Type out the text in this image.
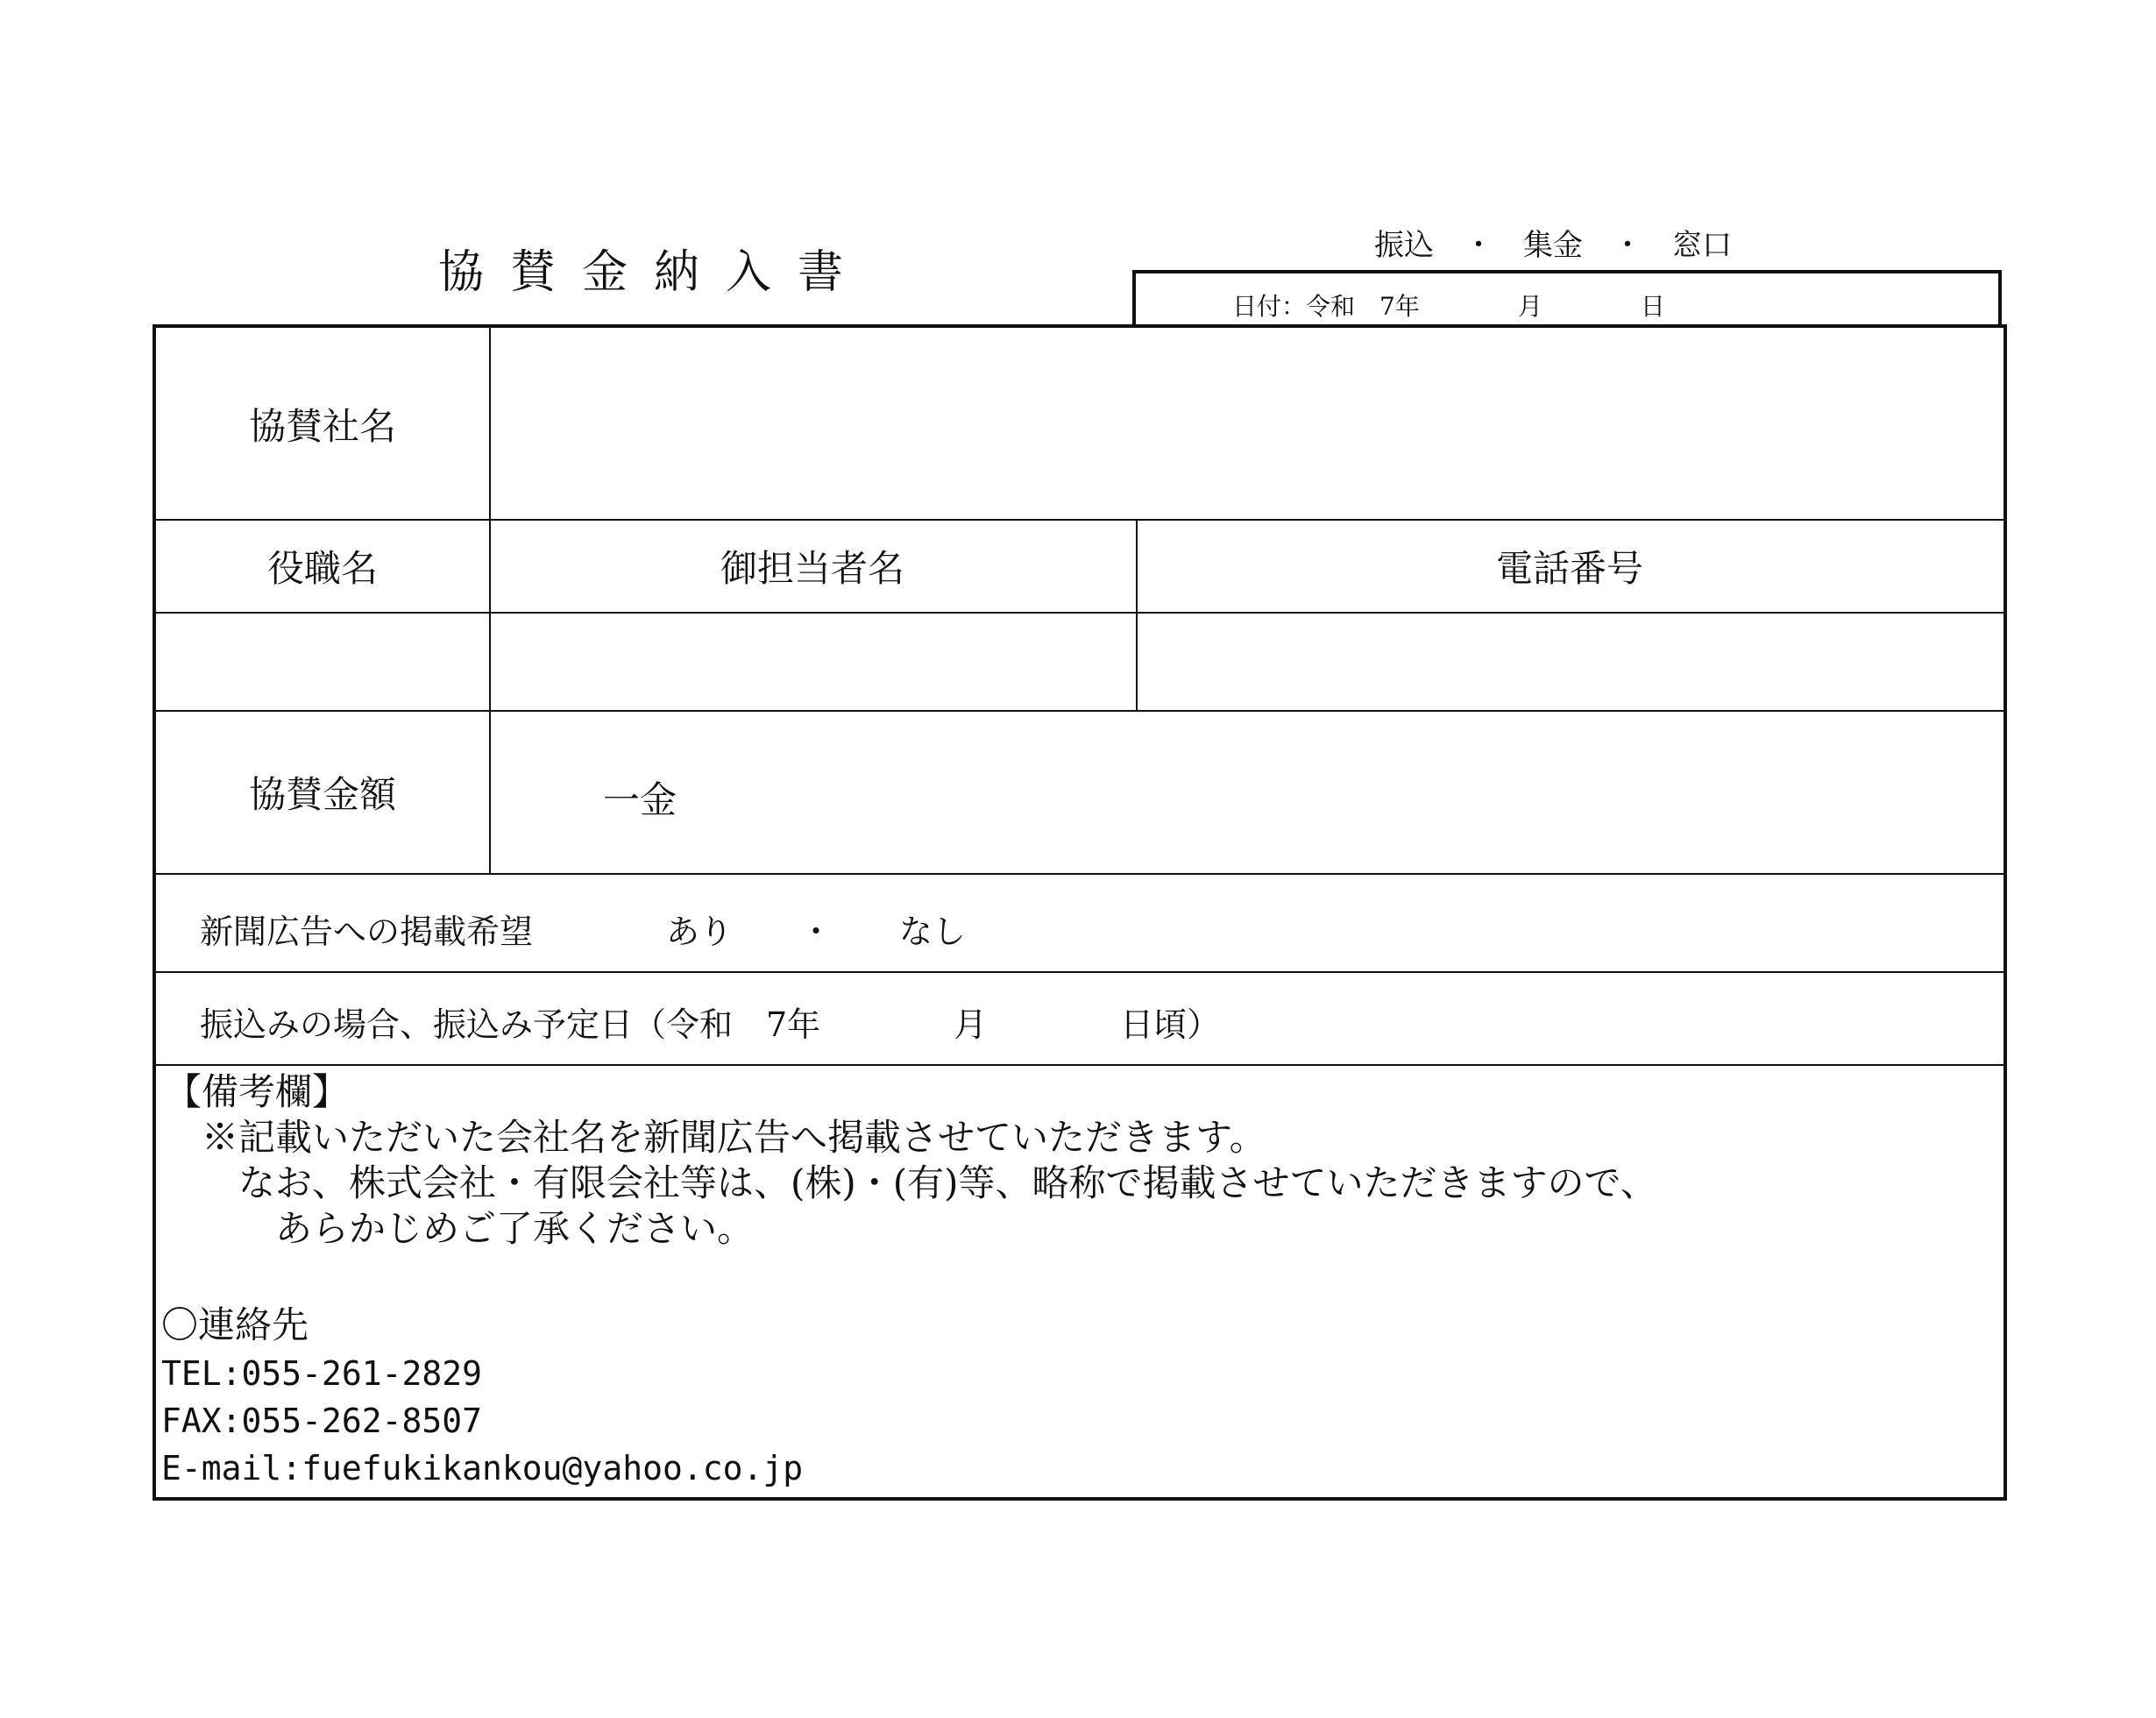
協賛金納入書
振込　・　集金　・　窓口
日付：令和　7年　　　　月　　　　日
協賛社名
役職名	御担当者名	電話番号
協賛金額	一金
新聞広告への掲載希望　　　　あり　　・　　なし
振込みの場合、振込み予定日（令和　7年　　　　月　　　　日頃）
【備考欄】
　※記載いただいた会社名を新聞広告へ掲載させていただきます。
　　なお、株式会社・有限会社等は、(株)・(有)等、略称で掲載させていただきますので、
　　　あらかじめご了承ください。
〇連絡先
TEL:055-261-2829
FAX:055-262-8507
E-mail:fuefukikankou@yahoo.co.jp
